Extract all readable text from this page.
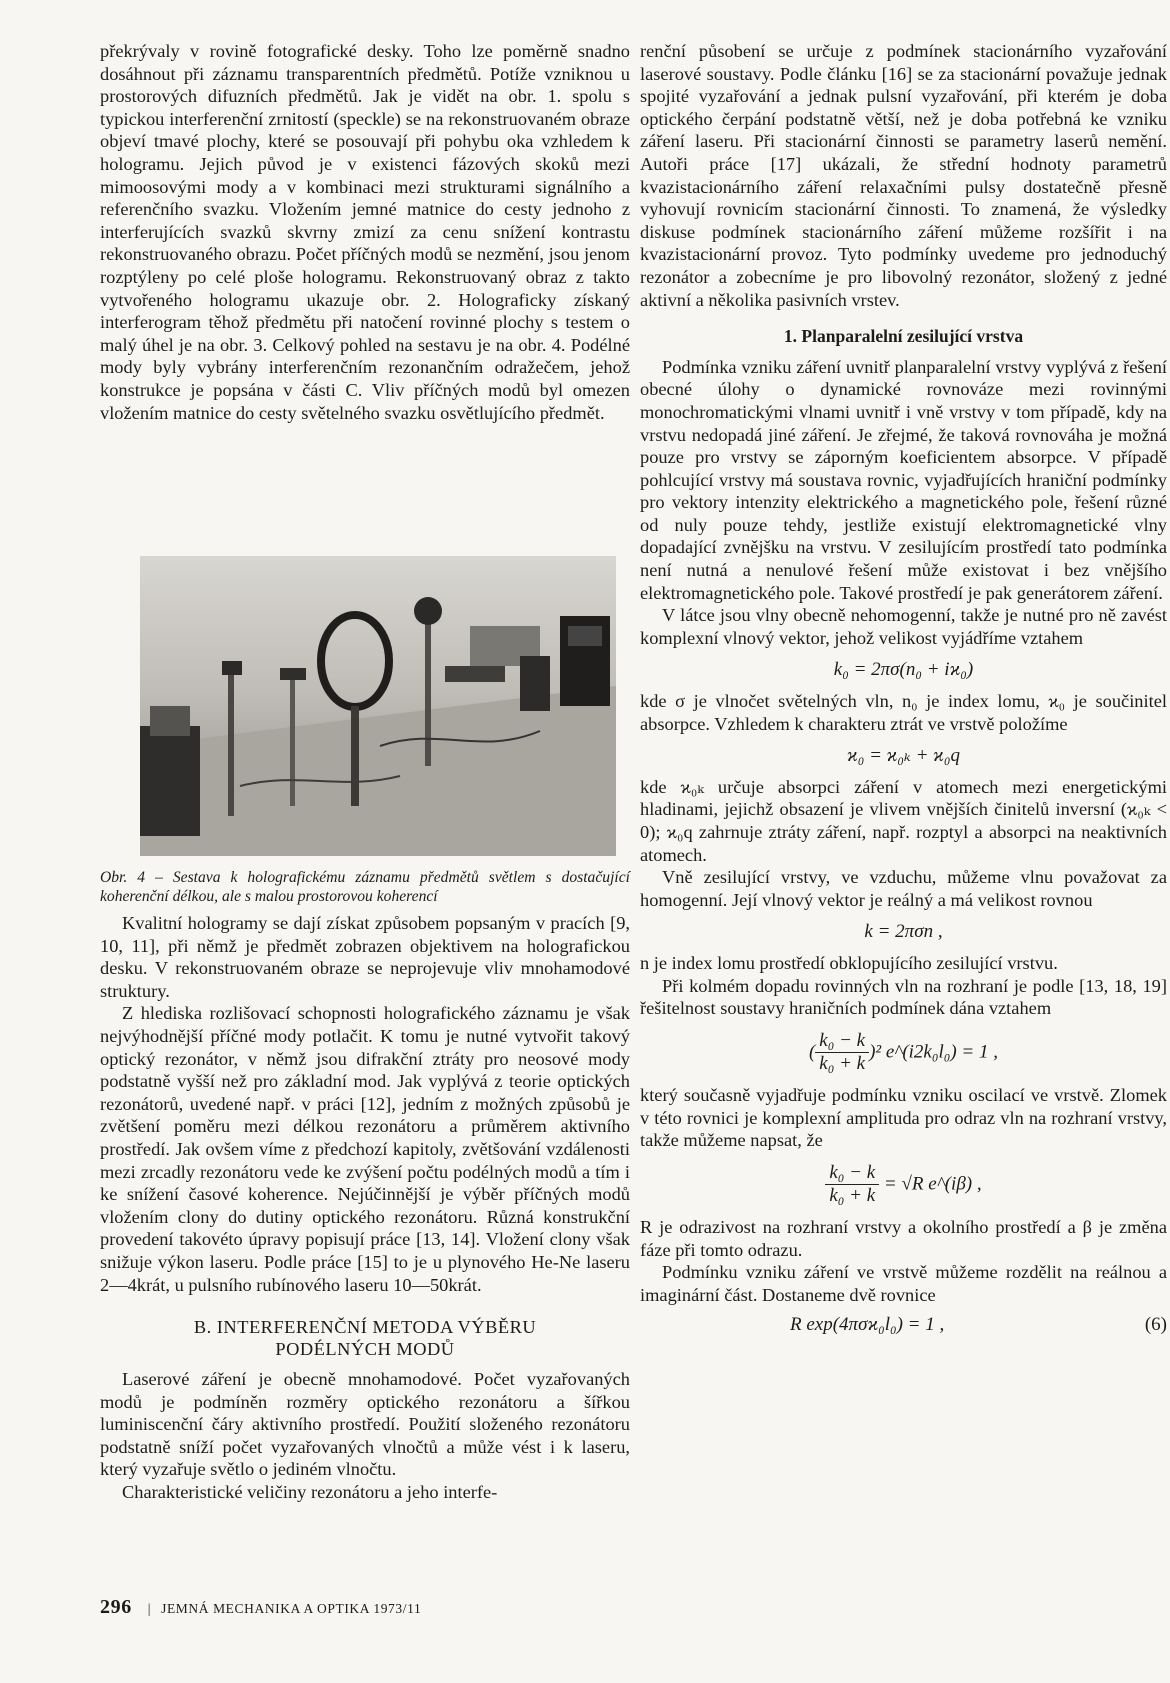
překrývaly v rovině fotografické desky. Toho lze poměrně snadno dosáhnout při záznamu transparentních předmětů. Potíže vzniknou u prostorových difuzních předmětů. Jak je vidět na obr. 1. spolu s typickou interferenční zrnitostí (speckle) se na rekonstruovaném obraze objeví tmavé plochy, které se posouvají při pohybu oka vzhledem k hologramu. Jejich původ je v existenci fázových skoků mezi mimoosovými mody a v kombinaci mezi strukturami signálního a referenčního svazku. Vložením jemné matnice do cesty jednoho z interferujících svazků skvrny zmizí za cenu snížení kontrastu rekonstruovaného obrazu. Počet příčných modů se nezmění, jsou jenom rozptýleny po celé ploše hologramu. Rekonstruovaný obraz z takto vytvořeného hologramu ukazuje obr. 2. Holograficky získaný interferogram těhož předmětu při natočení rovinné plochy s testem o malý úhel je na obr. 3. Celkový pohled na sestavu je na obr. 4. Podélné mody byly vybrány interferenčním rezonančním odražečem, jehož konstrukce je popsána v části C. Vliv příčných modů byl omezen vložením matnice do cesty světelného svazku osvětlujícího předmět.

Obr. 4 – Sestava k holografickému záznamu předmětů světlem s dostačující koherenční délkou, ale s malou prostorovou koherencí

Kvalitní hologramy se dají získat způsobem popsaným v pracích [9, 10, 11], při němž je předmět zobrazen objektivem na holografickou desku. V rekonstruovaném obraze se neprojevuje vliv mnohamodové struktury.

Z hlediska rozlišovací schopnosti holografického záznamu je však nejvýhodnější příčné mody potlačit. K tomu je nutné vytvořit takový optický rezonátor, v němž jsou difrakční ztráty pro neosové mody podstatně vyšší než pro základní mod. Jak vyplývá z teorie optických rezonátorů, uvedené např. v práci [12], jedním z možných způsobů je zvětšení poměru mezi délkou rezonátoru a průměrem aktivního prostředí. Jak ovšem víme z předchozí kapitoly, zvětšování vzdálenosti mezi zrcadly rezonátoru vede ke zvýšení počtu podélných modů a tím i ke snížení časové koherence. Nejúčinnější je výběr příčných modů vložením clony do dutiny optického rezonátoru. Různá konstrukční provedení takovéto úpravy popisují práce [13, 14]. Vložení clony však snižuje výkon laseru. Podle práce [15] to je u plynového He-Ne laseru 2—4krát, u pulsního rubínového laseru 10—50krát.

B. INTERFERENČNÍ METODA VÝBĚRU
PODÉLNÝCH MODŮ

Laserové záření je obecně mnohamodové. Počet vyzařovaných modů je podmíněn rozměry optického rezonátoru a šířkou luminiscenční čáry aktivního prostředí. Použití složeného rezonátoru podstatně sníží počet vyzařovaných vlnočtů a může vést i k laseru, který vyzařuje světlo o jediném vlnočtu.

Charakteristické veličiny rezonátoru a jeho interfe-

renční působení se určuje z podmínek stacionárního vyzařování laserové soustavy. Podle článku [16] se za stacionární považuje jednak spojité vyzařování a jednak pulsní vyzařování, při kterém je doba optického čerpání podstatně větší, než je doba potřebná ke vzniku záření laseru. Při stacionární činnosti se parametry laserů nemění. Autoři práce [17] ukázali, že střední hodnoty parametrů kvazistacionárního záření relaxačními pulsy dostatečně přesně vyhovují rovnicím stacionární činnosti. To znamená, že výsledky diskuse podmínek stacionárního záření můžeme rozšířit i na kvazistacionární provoz. Tyto podmínky uvedeme pro jednoduchý rezonátor a zobecníme je pro libovolný rezonátor, složený z jedné aktivní a několika pasivních vrstev.

1. Planparalelní zesilující vrstva

Podmínka vzniku záření uvnitř planparalelní vrstvy vyplývá z řešení obecné úlohy o dynamické rovnováze mezi rovinnými monochromatickými vlnami uvnitř i vně vrstvy v tom případě, kdy na vrstvu nedopadá jiné záření. Je zřejmé, že taková rovnováha je možná pouze pro vrstvy se záporným koeficientem absorpce. V případě pohlcující vrstvy má soustava rovnic, vyjadřujících hraniční podmínky pro vektory intenzity elektrického a magnetického pole, řešení různé od nuly pouze tehdy, jestliže existují elektromagnetické vlny dopadající zvnějšku na vrstvu. V zesilujícím prostředí tato podmínka není nutná a nenulové řešení může existovat i bez vnějšího elektromagnetického pole. Takové prostředí je pak generátorem záření.

V látce jsou vlny obecně nehomogenní, takže je nutné pro ně zavést komplexní vlnový vektor, jehož velikost vyjádříme vztahem

k₀ = 2πσ(n₀ + iϰ₀)

kde σ je vlnočet světelných vln, n₀ je index lomu, ϰ₀ je součinitel absorpce. Vzhledem k charakteru ztrát ve vrstvě položíme

ϰ₀ = ϰ₀ₖ + ϰ₀q

kde ϰ₀ₖ určuje absorpci záření v atomech mezi energetickými hladinami, jejichž obsazení je vlivem vnějších činitelů inversní (ϰ₀ₖ < 0); ϰ₀q zahrnuje ztráty záření, např. rozptyl a absorpci na neaktivních atomech.

Vně zesilující vrstvy, ve vzduchu, můžeme vlnu považovat za homogenní. Její vlnový vektor je reálný a má velikost rovnou

k = 2πσn ,

n je index lomu prostředí obklopujícího zesilující vrstvu.

Při kolmém dopadu rovinných vln na rozhraní je podle [13, 18, 19] řešitelnost soustavy hraničních podmínek dána vztahem

( $\frac{\text{k₀ − k}}{\text{k₀ + k}} )^2$ e^(i2k₀l₀) = 1 ,

který současně vyjadřuje podmínku vzniku oscilací ve vrstvě. Zlomek v této rovnici je komplexní amplituda pro odraz vln na rozhraní vrstvy, takže můžeme napsat, že

$\frac{\text{k₀ − k}}{\text{k₀ + k}} = √R$ e^(iβ) ,

R je odrazivost na rozhraní vrstvy a okolního prostředí a β je změna fáze při tomto odrazu.

Podmínku vzniku záření ve vrstvě můžeme rozdělit na reálnou a imaginární část. Dostaneme dvě rovnice

R exp(4πσϰ₀l₀) = 1 ,	(6)
296 | JEMNÁ MECHANIKA A OPTIKA 1973/11
